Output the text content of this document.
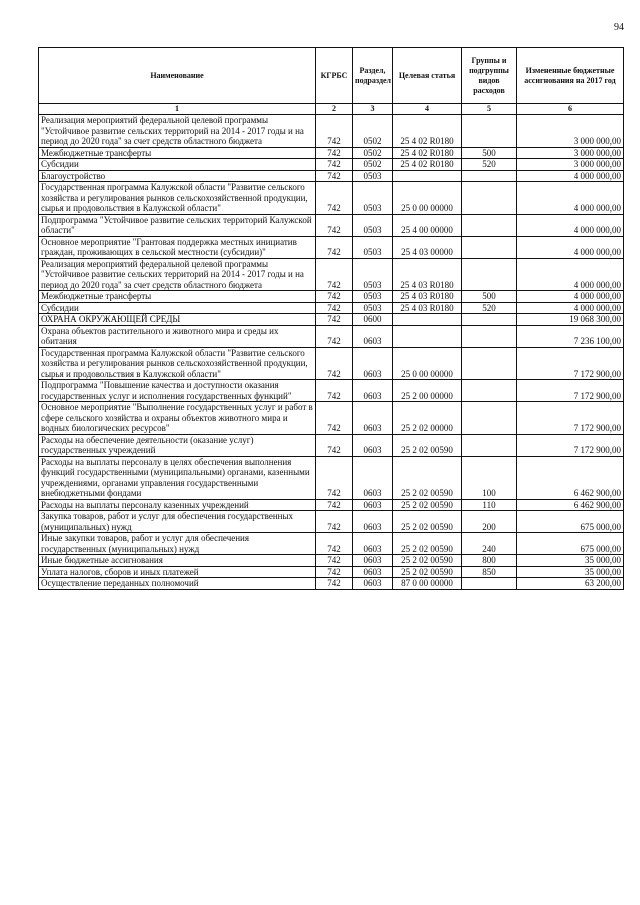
94
Наименование	КГРБС	Раздел, подраздел	Целевая статья	Группы и подгруппы видов расходов	Измененные бюджетные ассигнования на 2017 год
1	2	3	4	5	6
Реализация мероприятий федеральной целевой программы "Устойчивое развитие сельских территорий на 2014 - 2017 годы и на период до 2020 года" за счет средств областного бюджета	742	0502	25 4 02 R0180		3 000 000,00
Межбюджетные трансферты	742	0502	25 4 02 R0180	500	3 000 000,00
Субсидии	742	0502	25 4 02 R0180	520	3 000 000,00
Благоустройство	742	0503			4 000 000,00
Государственная программа Калужской области "Развитие сельского хозяйства и регулирования рынков сельскохозяйственной продукции, сырья и продовольствия в Калужской области"	742	0503	25 0 00 00000		4 000 000,00
Подпрограмма "Устойчивое развитие сельских территорий Калужской области"	742	0503	25 4 00 00000		4 000 000,00
Основное мероприятие "Грантовая поддержка местных инициатив граждан, проживающих в сельской местности (субсидии)"	742	0503	25 4 03 00000		4 000 000,00
Реализация мероприятий федеральной целевой программы "Устойчивое развитие сельских территорий на 2014 - 2017 годы и на период до 2020 года" за счет средств областного бюджета	742	0503	25 4 03 R0180		4 000 000,00
Межбюджетные трансферты	742	0503	25 4 03 R0180	500	4 000 000,00
Субсидии	742	0503	25 4 03 R0180	520	4 000 000,00
ОХРАНА ОКРУЖАЮЩЕЙ СРЕДЫ	742	0600			19 068 300,00
Охрана объектов растительного и животного мира и среды их обитания	742	0603			7 236 100,00
Государственная программа Калужской области "Развитие сельского хозяйства и регулирования рынков сельскохозяйственной продукции, сырья и продовольствия в Калужской области"	742	0603	25 0 00 00000		7 172 900,00
Подпрограмма "Повышение качества и доступности оказания государственных услуг и исполнения государственных функций"	742	0603	25 2 00 00000		7 172 900,00
Основное мероприятие "Выполнение государственных услуг и работ в сфере сельского хозяйства и охраны объектов животного мира и водных биологических ресурсов"	742	0603	25 2 02 00000		7 172 900,00
Расходы на обеспечение деятельности (оказание услуг) государственных учреждений	742	0603	25 2 02 00590		7 172 900,00
Расходы на выплаты персоналу в целях обеспечения выполнения функций государственными (муниципальными) органами, казенными учреждениями, органами управления государственными внебюджетными фондами	742	0603	25 2 02 00590	100	6 462 900,00
Расходы на выплаты персоналу казенных учреждений	742	0603	25 2 02 00590	110	6 462 900,00
Закупка товаров, работ и услуг для обеспечения государственных (муниципальных) нужд	742	0603	25 2 02 00590	200	675 000,00
Иные закупки товаров, работ и услуг для обеспечения государственных (муниципальных) нужд	742	0603	25 2 02 00590	240	675 000,00
Иные бюджетные ассигнования	742	0603	25 2 02 00590	800	35 000,00
Уплата налогов, сборов и иных платежей	742	0603	25 2 02 00590	850	35 000,00
Осуществление переданных полномочий	742	0603	87 0 00 00000		63 200,00
